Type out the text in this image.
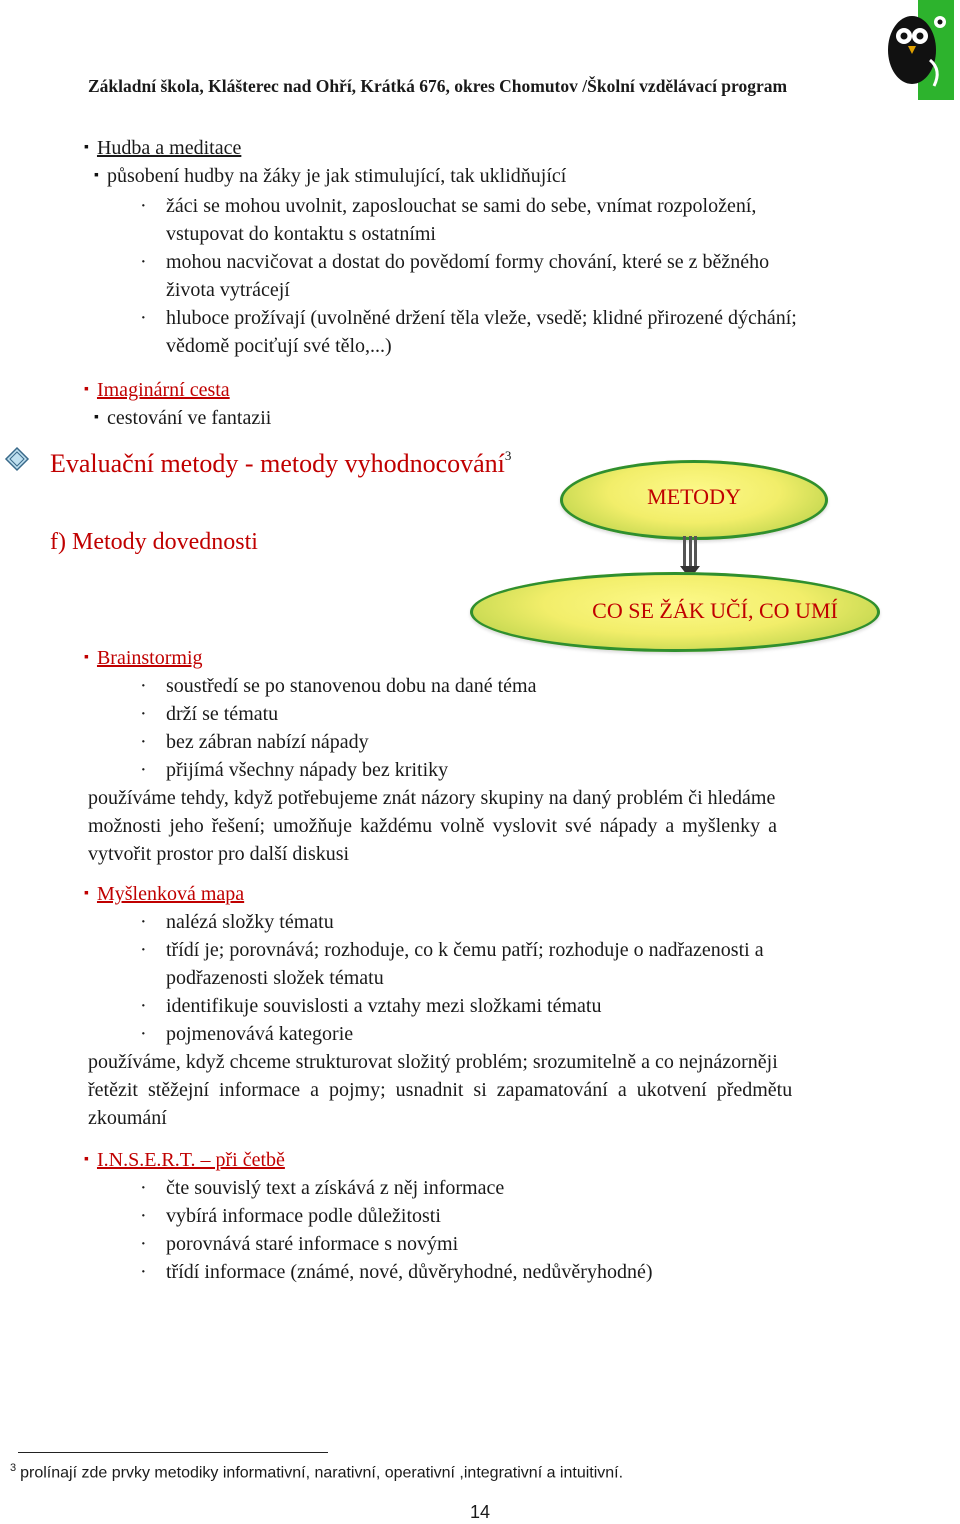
Základní škola, Klášterec nad Ohří, Krátká 676, okres Chomutov /Školní vzdělávací program
▪ Hudba a meditace
▪ působení hudby na žáky je jak stimulující, tak uklidňující
· žáci se mohou uvolnit, zaposlouchat se sami do sebe, vnímat rozpoložení,
vstupovat do kontaktu s ostatními
· mohou nacvičovat a dostat do povědomí formy chování, které se z běžného
života vytrácejí
· hluboce prožívají (uvolněné držení těla vleže, vsedě; klidné přirozené dýchání;
vědomě pociťují své tělo,...)
▪ Imaginární cesta
▪ cestování ve fantazii
Evaluační metody - metody vyhodnocování$^3$
f) Metody dovednosti
METODY
CO SE ŽÁK UČÍ, CO UMÍ
▪ Brainstormig
· soustředí se po stanovenou dobu na dané téma
· drží se tématu
· bez zábran nabízí nápady
· přijímá všechny nápady bez kritiky
používáme tehdy, když potřebujeme znát názory skupiny na daný problém či hledáme
možnosti jeho řešení; umožňuje každému volně vyslovit své nápady a myšlenky a
vytvořit prostor pro další diskusi
▪ Myšlenková mapa
· nalézá složky tématu
· třídí je; porovnává; rozhoduje, co k čemu patří; rozhoduje o nadřazenosti a
podřazenosti složek tématu
· identifikuje souvislosti a vztahy mezi složkami tématu
· pojmenovává kategorie
používáme, když chceme strukturovat složitý problém; srozumitelně a co nejnázorněji
řetězit stěžejní informace a pojmy; usnadnit si zapamatování a ukotvení předmětu
zkoumání
▪ I.N.S.E.R.T. – při četbě
· čte souvislý text a získává z něj informace
· vybírá informace podle důležitosti
· porovnává staré informace s novými
· třídí informace (známé, nové, důvěryhodné, nedůvěryhodné)
$^3$ prolínají zde prvky metodiky informativní, narativní, operativní ,integrativní a intuitivní.
14
